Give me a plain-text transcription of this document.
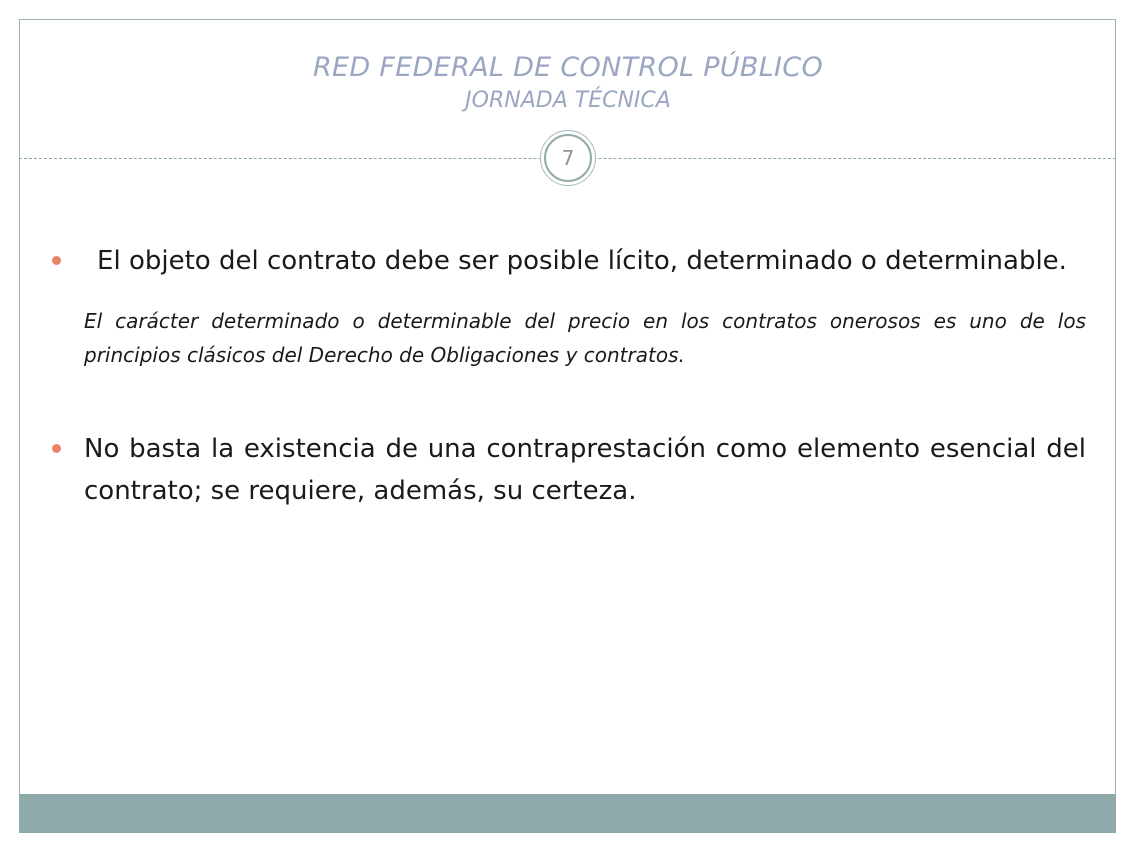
RED FEDERAL DE CONTROL PÚBLICO
JORNADA TÉCNICA
7
El objeto del contrato debe ser posible lícito, determinado o determinable.
El carácter determinado o determinable del precio en los contratos onerosos es uno de los principios clásicos del Derecho de Obligaciones y contratos.
No basta la existencia de una contraprestación como elemento esencial del contrato; se requiere, además, su certeza.
